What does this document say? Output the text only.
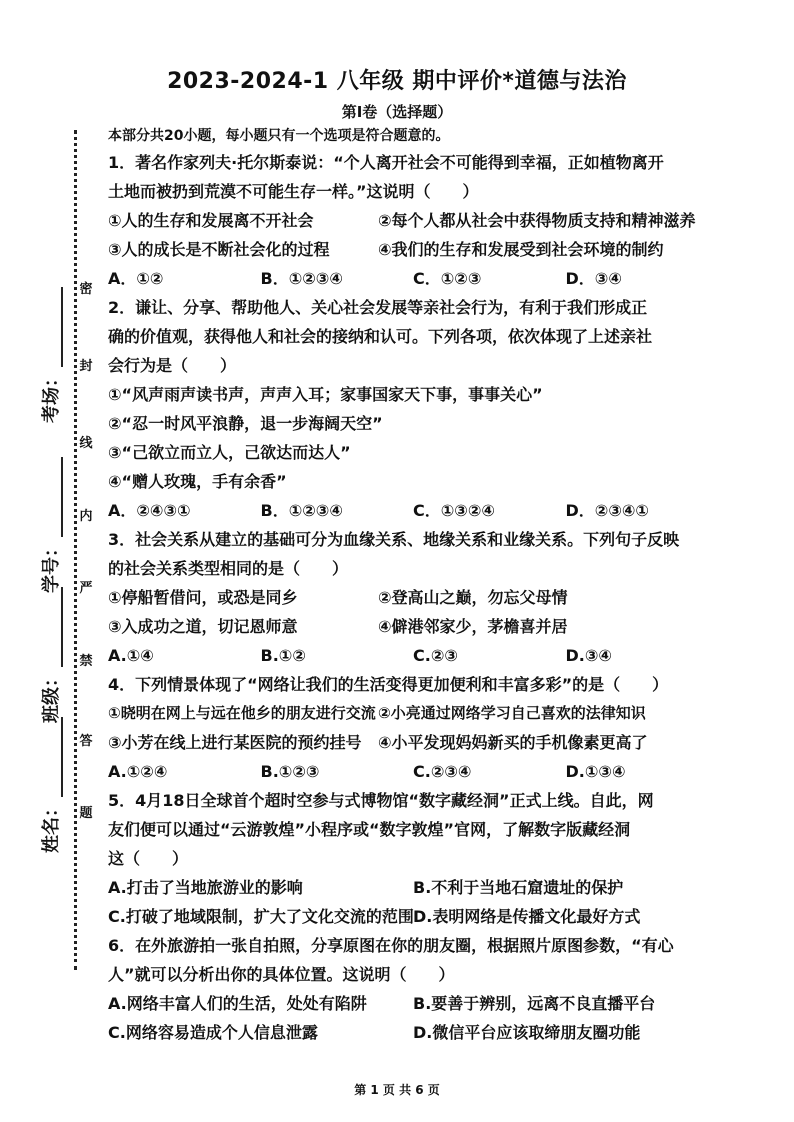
密
封
线
内
严
禁
答
题
考场：
学号：
班级：
姓名：
2023-2024-1 八年级 期中评价*道德与法治
第Ⅰ卷（选择题）
本部分共20小题，每小题只有一个选项是符合题意的。
1．著名作家列夫·托尔斯泰说：“个人离开社会不可能得到幸福，正如植物离开
土地而被扔到荒漠不可能生存一样。”这说明（　　）
①人的生存和发展离不开社会	②每个人都从社会中获得物质支持和精神滋养
③人的成长是不断社会化的过程	④我们的生存和发展受到社会环境的制约
A．①②	B．①②③④	C．①②③	D．③④
2．谦让、分享、帮助他人、关心社会发展等亲社会行为，有利于我们形成正
确的价值观，获得他人和社会的接纳和认可。下列各项，依次体现了上述亲社
会行为是（　　）
①“风声雨声读书声，声声入耳；家事国家天下事，事事关心”
②“忍一时风平浪静，退一步海阔天空”
③“己欲立而立人，己欲达而达人”
④“赠人玫瑰，手有余香”
A．②④③①	B．①②③④	C．①③②④	D．②③④①
3．社会关系从建立的基础可分为血缘关系、地缘关系和业缘关系。下列句子反映
的社会关系类型相同的是（　　）
①停船暂借问，或恐是同乡	②登高山之巅，勿忘父母情
③入成功之道，切记恩师意	④僻港邻家少，茅檐喜并居
A.①④	B.①②	C.②③	D.③④
4．下列情景体现了“网络让我们的生活变得更加便利和丰富多彩”的是（　　）
①晓明在网上与远在他乡的朋友进行交流 ②小亮通过网络学习自己喜欢的法律知识
③小芳在线上进行某医院的预约挂号	④小平发现妈妈新买的手机像素更高了
A.①②④	B.①②③	C.②③④	D.①③④
5．4月18日全球首个超时空参与式博物馆“数字藏经洞”正式上线。自此，网
友们便可以通过“云游敦煌”小程序或“数字敦煌”官网，了解数字版藏经洞
这（　　）
A.打击了当地旅游业的影响	B.不利于当地石窟遗址的保护
C.打破了地域限制，扩大了文化交流的范围 D.表明网络是传播文化最好方式
6．在外旅游拍一张自拍照，分享原图在你的朋友圈，根据照片原图参数，“有心
人”就可以分析出你的具体位置。这说明（　　）
A.网络丰富人们的生活，处处有陷阱	B.要善于辨别，远离不良直播平台
C.网络容易造成个人信息泄露	D.微信平台应该取缔朋友圈功能
第 1 页 共 6 页
